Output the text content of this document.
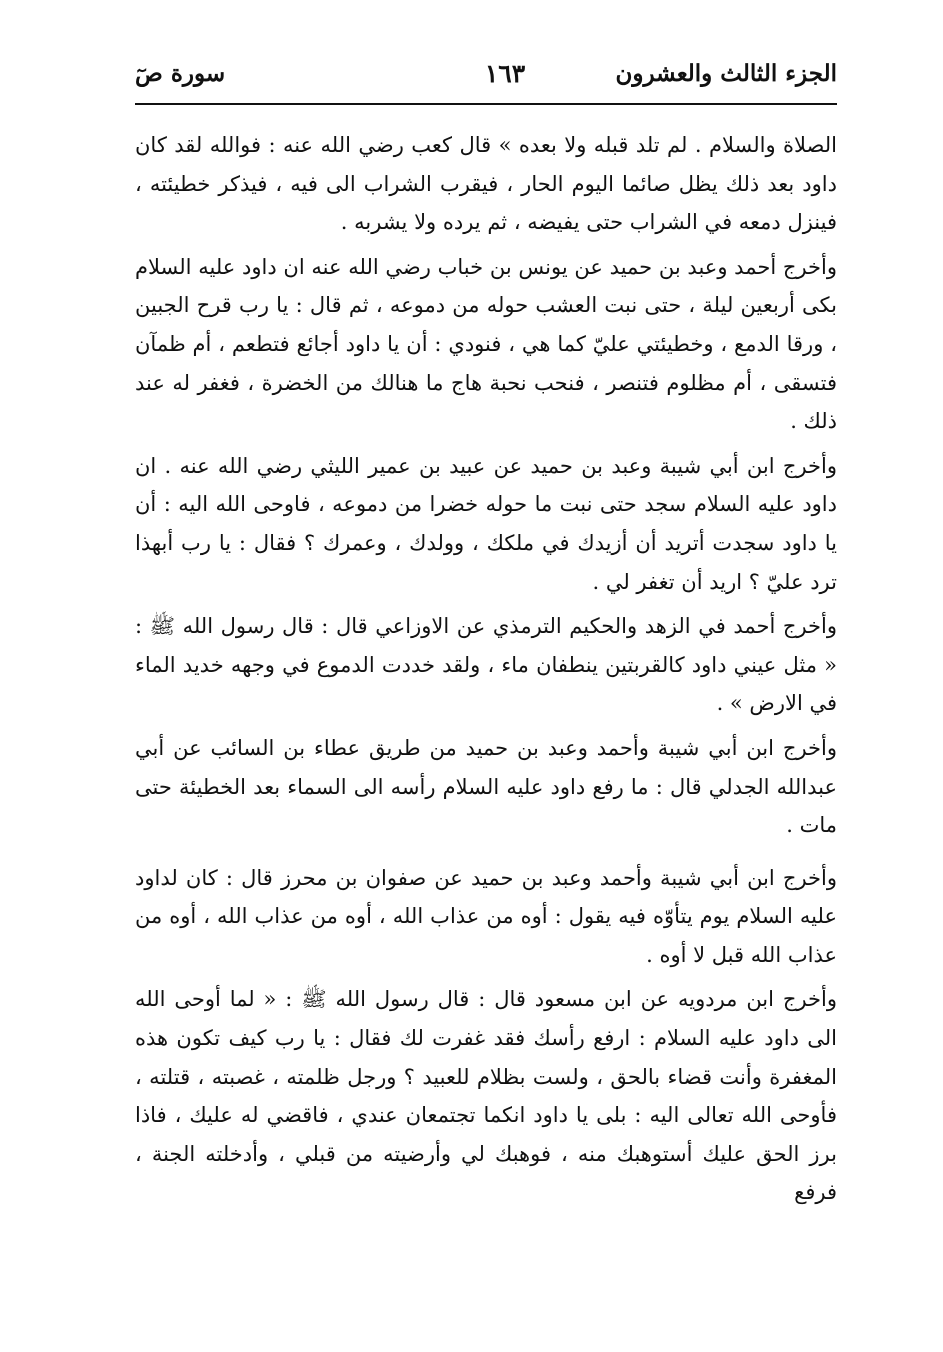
الجزء الثالث والعشرون
١٦٣
سورة صٓ

الصلاة والسلام . لم تلد قبله ولا بعده » قال كعب رضي الله عنه : فوالله لقد كان داود بعد ذلك يظل صائما اليوم الحار ، فيقرب الشراب الى فيه ، فيذكر خطيئته ، فينزل دمعه في الشراب حتى يفيضه ، ثم يرده ولا يشربه .

وأخرج أحمد وعبد بن حميد عن يونس بن خباب رضي الله عنه ان داود عليه السلام بكى أربعين ليلة ، حتى نبت العشب حوله من دموعه ، ثم قال : يا رب قرح الجبين ، ورقا الدمع ، وخطيئتي عليّ كما هي ، فنودي : أن يا داود أجائع فتطعم ، أم ظمآن فتسقى ، أم مظلوم فتنصر ، فنحب نحبة هاج ما هنالك من الخضرة ، فغفر له عند ذلك .

وأخرج ابن أبي شيبة وعبد بن حميد عن عبيد بن عمير الليثي رضي الله عنه . ان داود عليه السلام سجد حتى نبت ما حوله خضرا من دموعه ، فاوحى الله اليه : أن يا داود سجدت أتريد أن أزيدك في ملكك ، وولدك ، وعمرك ؟ فقال : يا رب أبهذا ترد عليّ ؟ اريد أن تغفر لي .

وأخرج أحمد في الزهد والحكيم الترمذي عن الاوزاعي قال : قال رسول الله ﷺ : « مثل عيني داود كالقربتين ينطفان ماء ، ولقد خددت الدموع في وجهه خديد الماء في الارض » .

وأخرج ابن أبي شيبة وأحمد وعبد بن حميد من طريق عطاء بن السائب عن أبي عبدالله الجدلي قال : ما رفع داود عليه السلام رأسه الى السماء بعد الخطيئة حتى مات .

وأخرج ابن أبي شيبة وأحمد وعبد بن حميد عن صفوان بن محرز قال : كان لداود عليه السلام يوم يتأوّه فيه يقول : أوه من عذاب الله ، أوه من عذاب الله ، أوه من عذاب الله قبل لا أوه .

وأخرج ابن مردويه عن ابن مسعود قال : قال رسول الله ﷺ : « لما أوحى الله الى داود عليه السلام : ارفع رأسك فقد غفرت لك فقال : يا رب كيف تكون هذه المغفرة وأنت قضاء بالحق ، ولست بظلام للعبيد ؟ ورجل ظلمته ، غصبته ، قتلته ، فأوحى الله تعالى اليه : بلى يا داود انكما تجتمعان عندي ، فاقضي له عليك ، فاذا برز الحق عليك أستوهبك منه ، فوهبك لي وأرضيته من قبلي ، وأدخلته الجنة ، فرفع
